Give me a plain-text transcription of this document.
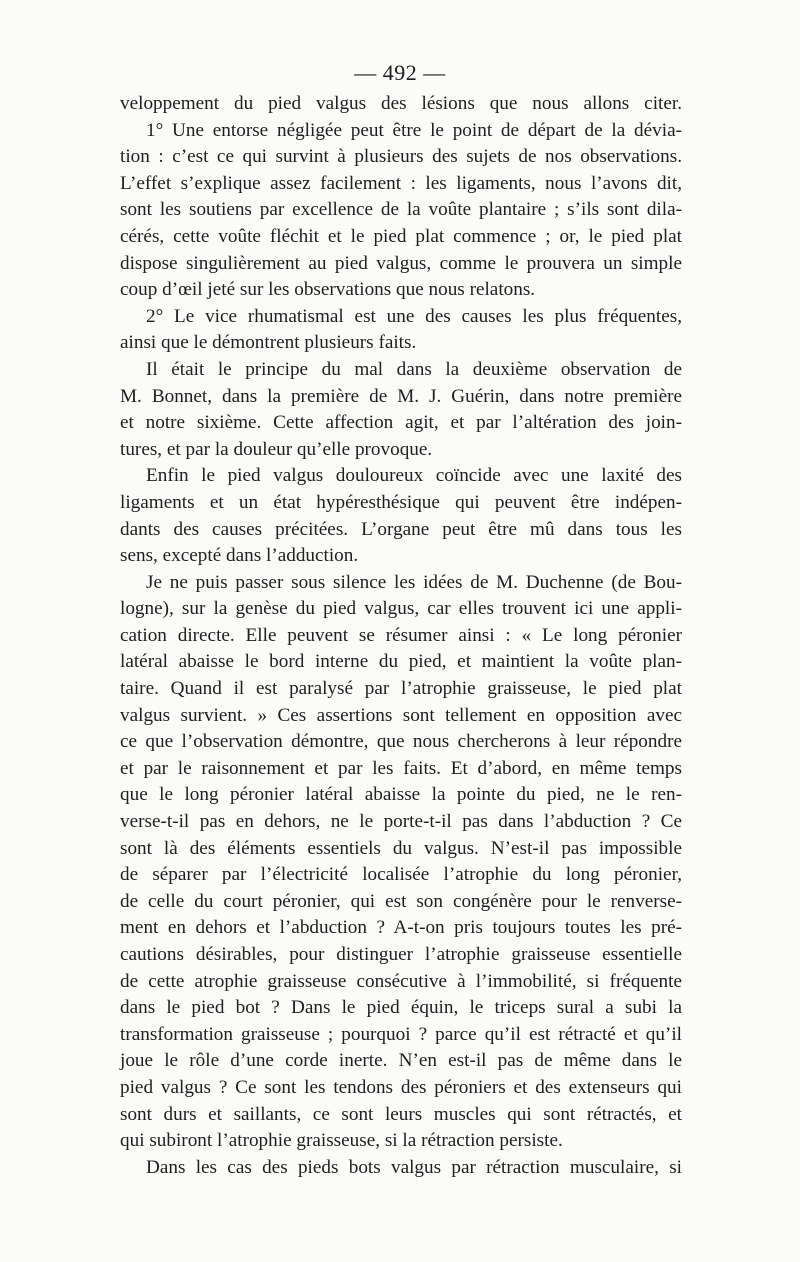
— 492 —
veloppement du pied valgus des lésions que nous allons citer.
1° Une entorse négligée peut être le point de départ de la dévia-
tion : c’est ce qui survint à plusieurs des sujets de nos observations.
L’effet s’explique assez facilement : les ligaments, nous l’avons dit,
sont les soutiens par excellence de la voûte plantaire ; s’ils sont dila-
cérés, cette voûte fléchit et le pied plat commence ; or, le pied plat
dispose singulièrement au pied valgus, comme le prouvera un simple
coup d’œil jeté sur les observations que nous relatons.
2° Le vice rhumatismal est une des causes les plus fréquentes,
ainsi que le démontrent plusieurs faits.
Il était le principe du mal dans la deuxième observation de
M. Bonnet, dans la première de M. J. Guérin, dans notre première
et notre sixième. Cette affection agit, et par l’altération des join-
tures, et par la douleur qu’elle provoque.
Enfin le pied valgus douloureux coïncide avec une laxité des
ligaments et un état hypéresthésique qui peuvent être indépen-
dants des causes précitées. L’organe peut être mû dans tous les
sens, excepté dans l’adduction.
Je ne puis passer sous silence les idées de M. Duchenne (de Bou-
logne), sur la genèse du pied valgus, car elles trouvent ici une appli-
cation directe. Elle peuvent se résumer ainsi : « Le long péronier
latéral abaisse le bord interne du pied, et maintient la voûte plan-
taire. Quand il est paralysé par l’atrophie graisseuse, le pied plat
valgus survient. » Ces assertions sont tellement en opposition avec
ce que l’observation démontre, que nous chercherons à leur répondre
et par le raisonnement et par les faits. Et d’abord, en même temps
que le long péronier latéral abaisse la pointe du pied, ne le ren-
verse-t-il pas en dehors, ne le porte-t-il pas dans l’abduction ? Ce
sont là des éléments essentiels du valgus. N’est-il pas impossible
de séparer par l’électricité localisée l’atrophie du long péronier,
de celle du court péronier, qui est son congénère pour le renverse-
ment en dehors et l’abduction ? A-t-on pris toujours toutes les pré-
cautions désirables, pour distinguer l’atrophie graisseuse essentielle
de cette atrophie graisseuse consécutive à l’immobilité, si fréquente
dans le pied bot ? Dans le pied équin, le triceps sural a subi la
transformation graisseuse ; pourquoi ? parce qu’il est rétracté et qu’il
joue le rôle d’une corde inerte. N’en est-il pas de même dans le
pied valgus ? Ce sont les tendons des péroniers et des extenseurs qui
sont durs et saillants, ce sont leurs muscles qui sont rétractés, et
qui subiront l’atrophie graisseuse, si la rétraction persiste.
Dans les cas des pieds bots valgus par rétraction musculaire, si
